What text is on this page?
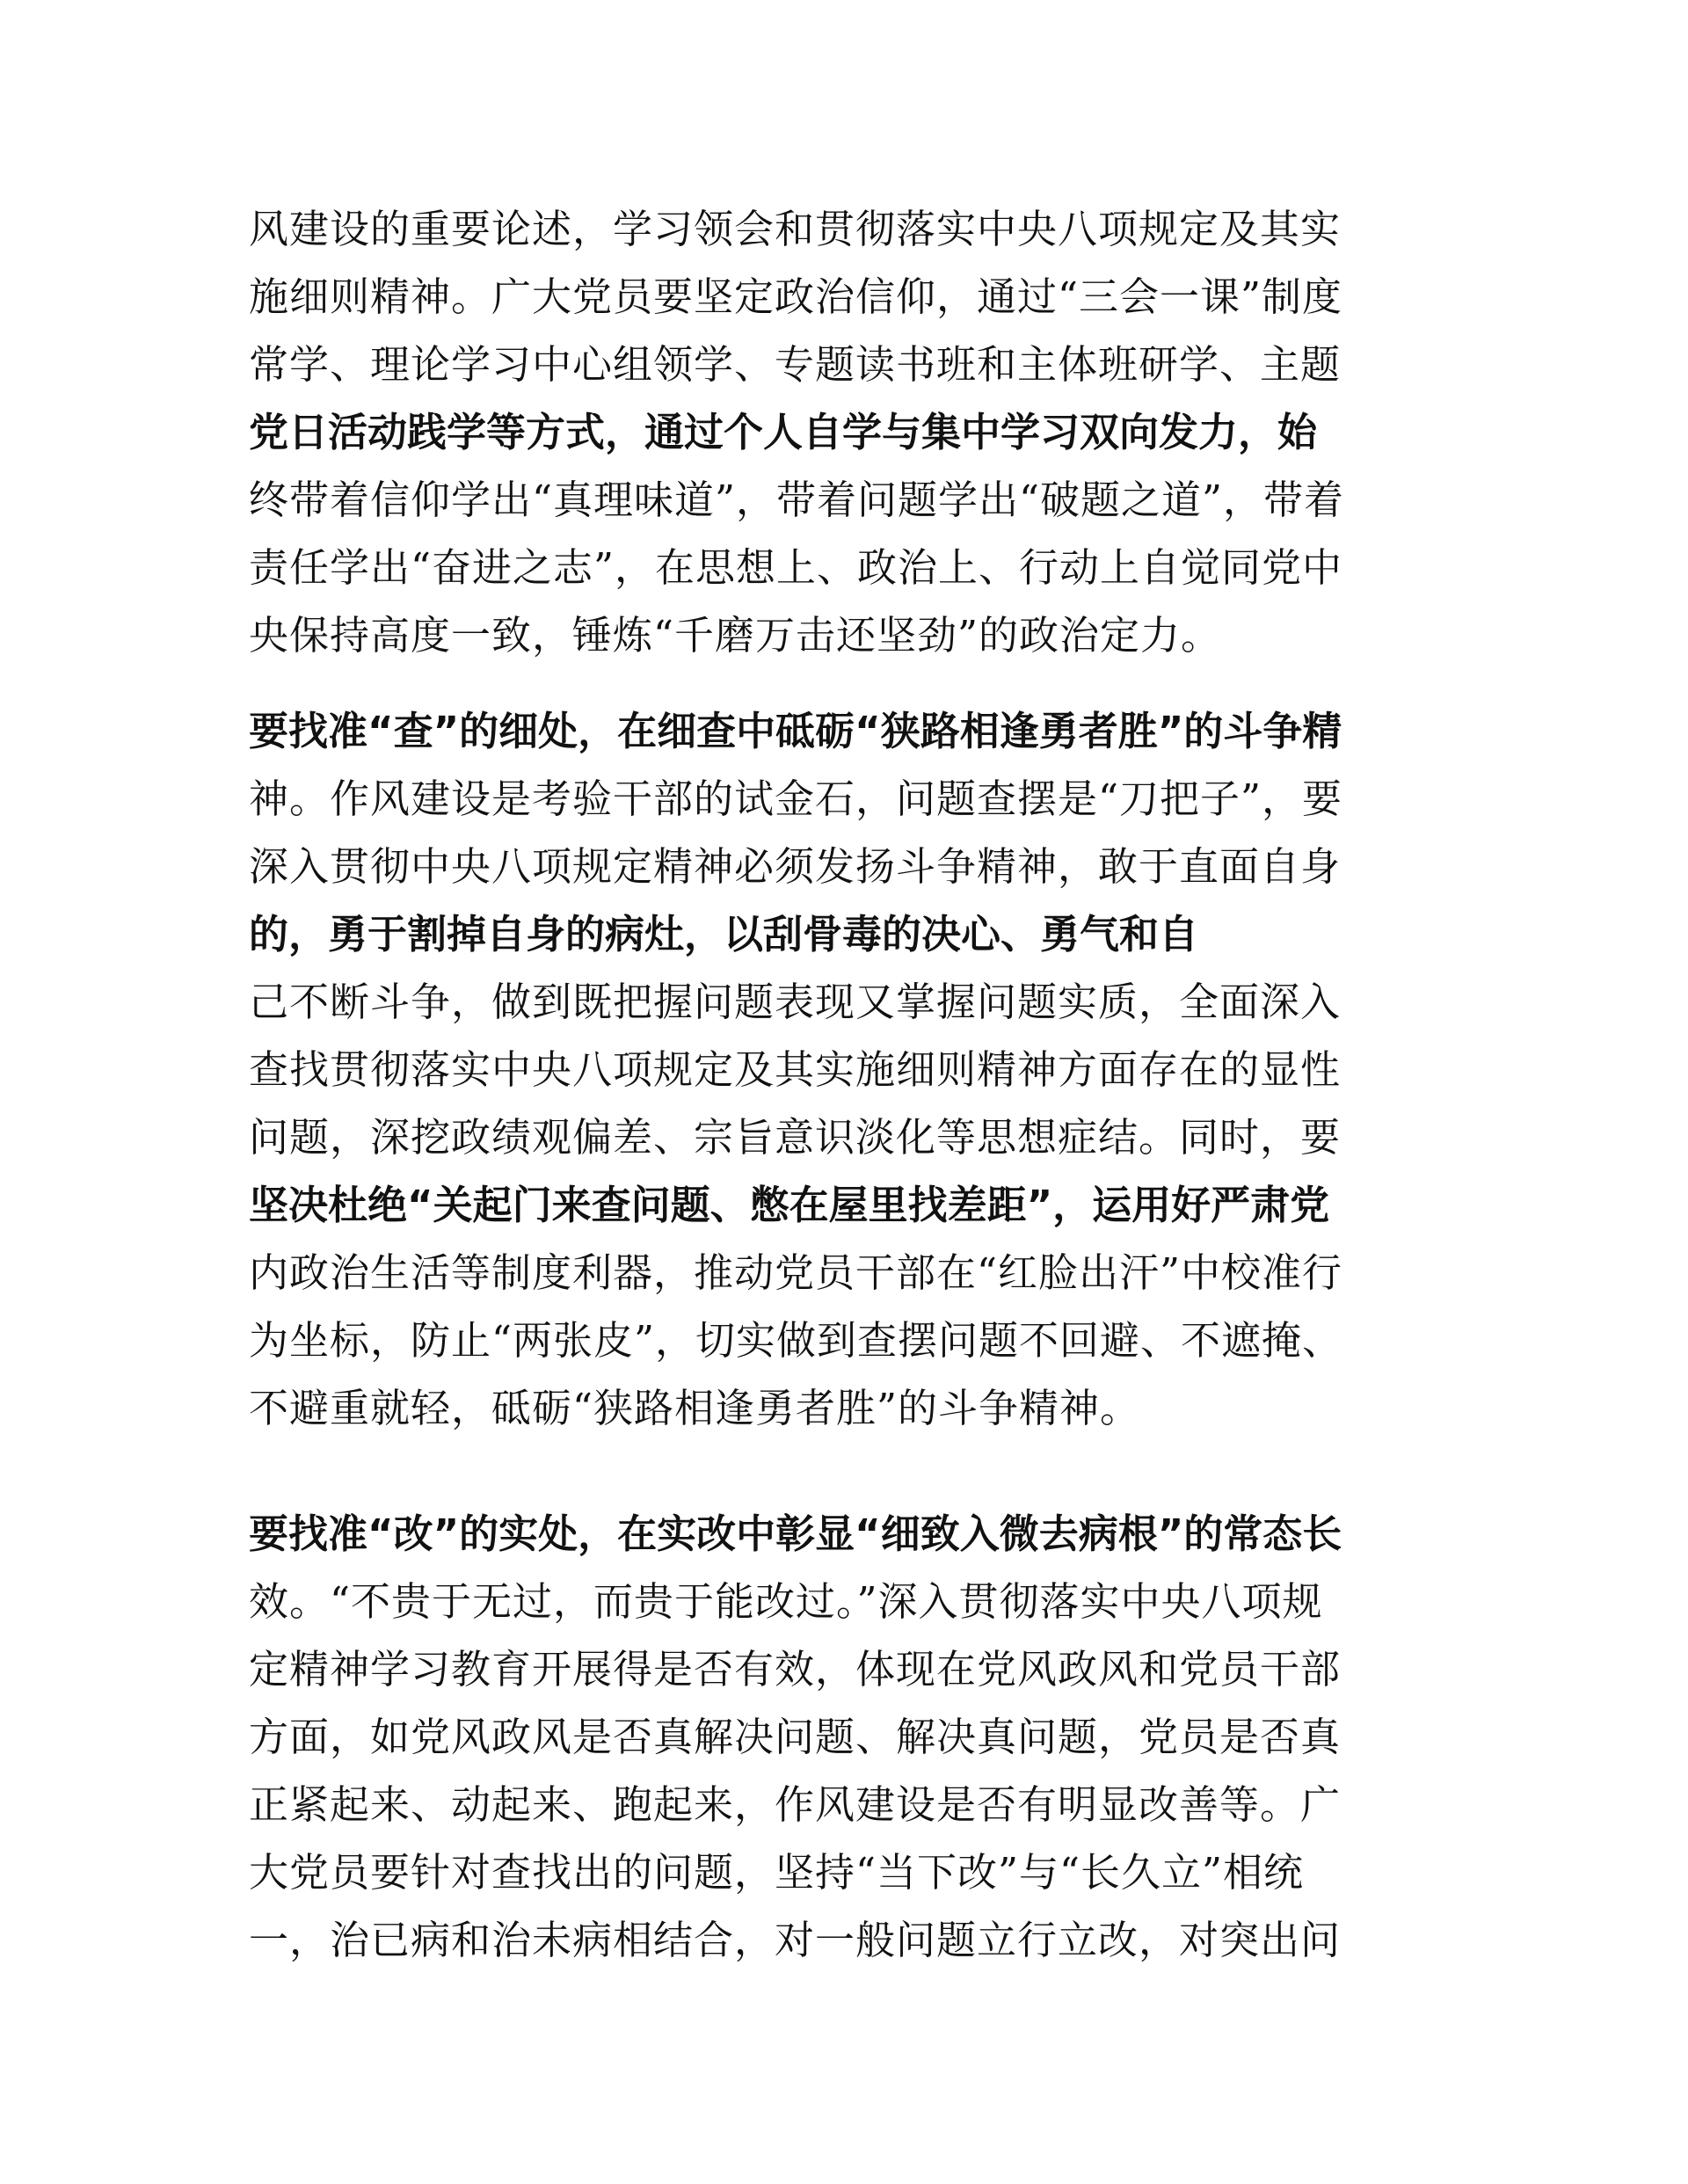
风建设的重要论述，学习领会和贯彻落实中央八项规定及其实
施细则精神。广大党员要坚定政治信仰，通过“三会一课”制度
常学、理论学习中心组领学、专题读书班和主体班研学、主题
党日活动践学等方式，通过个人自学与集中学习双向发力，始
终带着信仰学出“真理味道”，带着问题学出“破题之道”，带着
责任学出“奋进之志”，在思想上、政治上、行动上自觉同党中
央保持高度一致，锤炼“千磨万击还坚劲”的政治定力。
要找准“查”的细处，在细查中砥砺“狭路相逢勇者胜”的斗争精
神。作风建设是考验干部的试金石，问题查摆是“刀把子”，要
深入贯彻中央八项规定精神必须发扬斗争精神，敢于直面自身
的，勇于割掉自身的病灶，以刮骨毒的决心、勇气和自
己不断斗争，做到既把握问题表现又掌握问题实质，全面深入
查找贯彻落实中央八项规定及其实施细则精神方面存在的显性
问题，深挖政绩观偏差、宗旨意识淡化等思想症结。同时，要
坚决杜绝“关起门来查问题、憋在屋里找差距”，运用好严肃党
内政治生活等制度利器，推动党员干部在“红脸出汗”中校准行
为坐标，防止“两张皮”，切实做到查摆问题不回避、不遮掩、
不避重就轻，砥砺“狭路相逢勇者胜”的斗争精神。
要找准“改”的实处，在实改中彰显“细致入微去病根”的常态长
效。“不贵于无过，而贵于能改过。”深入贯彻落实中央八项规
定精神学习教育开展得是否有效，体现在党风政风和党员干部
方面，如党风政风是否真解决问题、解决真问题，党员是否真
正紧起来、动起来、跑起来，作风建设是否有明显改善等。广
大党员要针对查找出的问题，坚持“当下改”与“长久立”相统
一，治已病和治未病相结合，对一般问题立行立改，对突出问
